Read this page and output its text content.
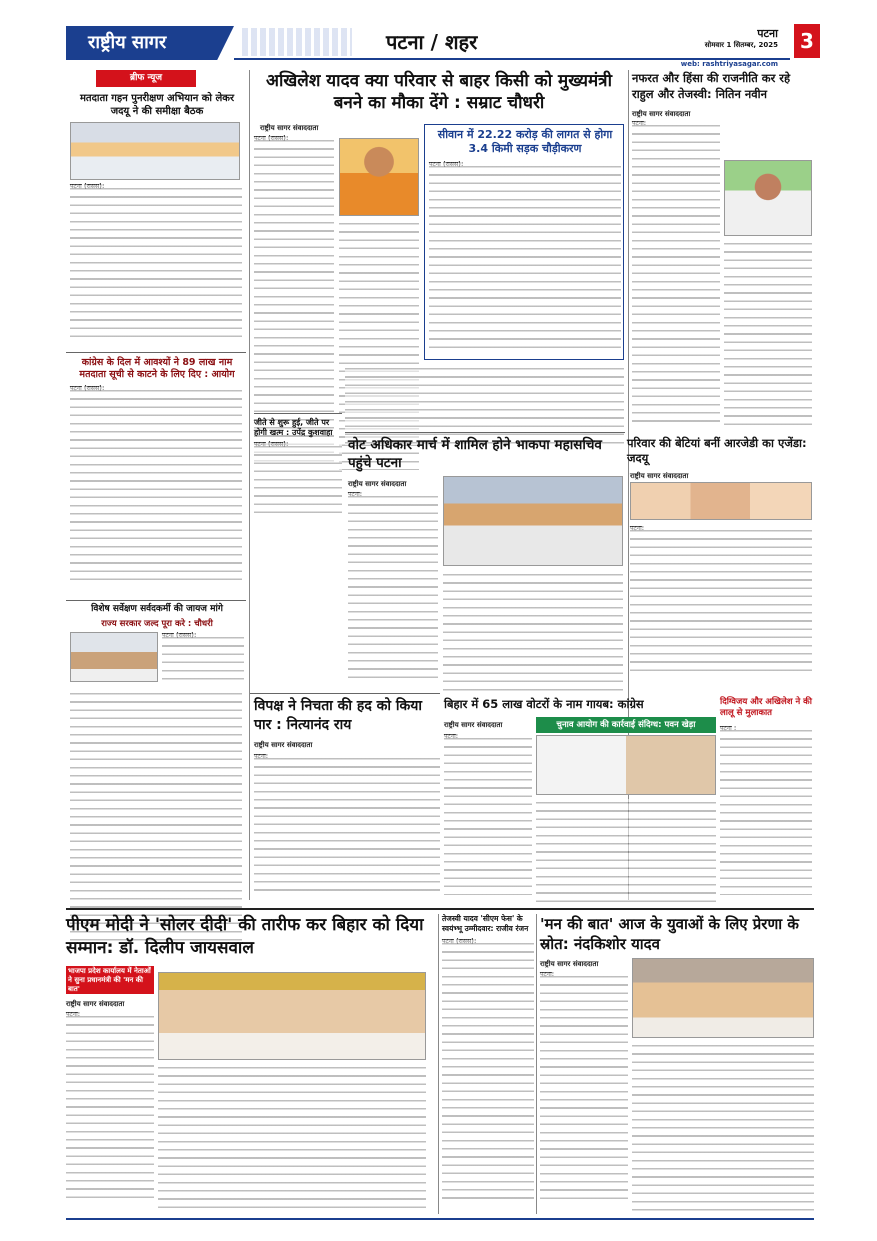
राष्ट्रीय सागर	पटना / शहर	पटना
सोमवार 1 सितम्बर, 2025
web: rashtriyasagar.com
3
ब्रीफ न्यूज
मतदाता गहन पुनरीक्षण अभियान को लेकर जदयू ने की समीक्षा बैठक
कांग्रेस के दिल में आवश्यों ने 89 लाख नाम मतदाता सूची से काटने के लिए दिए : आयोग
विशेष सर्वेक्षण सर्वदकर्मी की जायज मांगे
राज्य सरकार जल्द पूरा करे : चौधरी
अखिलेश यादव क्या परिवार से बाहर किसी को मुख्यमंत्री बनने का मौका देंगे : सम्राट चौधरी
राष्ट्रीय सागर संवाददाता	सीवान में 22.22 करोड़ की लागत से होगा 3.4 किमी सड़क चौड़ीकरण
जीते से शुरू हुई, जीते पर होगी खत्म : उपेंद्र कुशवाहा
नफरत और हिंसा की राजनीति कर रहे राहुल और तेजस्वी: नितिन नवीन
राष्ट्रीय सागर संवाददाता
वोट अधिकार मार्च में शामिल होने भाकपा महासचिव पहुंचे पटना
राष्ट्रीय सागर संवाददाता
परिवार की बेटियां बनीं आरजेडी का एजेंडा: जदयू
राष्ट्रीय सागर संवाददाता
विपक्ष ने निचता की हद को किया पार : नित्यानंद राय
राष्ट्रीय सागर संवाददाता
बिहार में 65 लाख वोटरों के नाम गायब: कांग्रेस
राष्ट्रीय सागर संवाददाता	चुनाव आयोग की कार्रवाई संदिग्ध: पवन खेड़ा
दिग्विजय और अखिलेश ने की लालू से मुलाकात
पीएम मोदी ने 'सोलर दीदी' की तारीफ कर बिहार को दिया सम्मान: डॉ. दिलीप जायसवाल
भाजपा प्रदेश कार्यालय में नेताओं ने सुना प्रधानमंत्री की 'मन की बात'
राष्ट्रीय सागर संवाददाता
तेजस्वी यादव 'सीएम फेस' के स्वयंभ्भू उम्मीदवार: राजीव रंजन 'मन की बात' आज के युवाओं के लिए प्रेरणा के स्रोत: नंदकिशोर यादव
राष्ट्रीय सागर संवाददाता
